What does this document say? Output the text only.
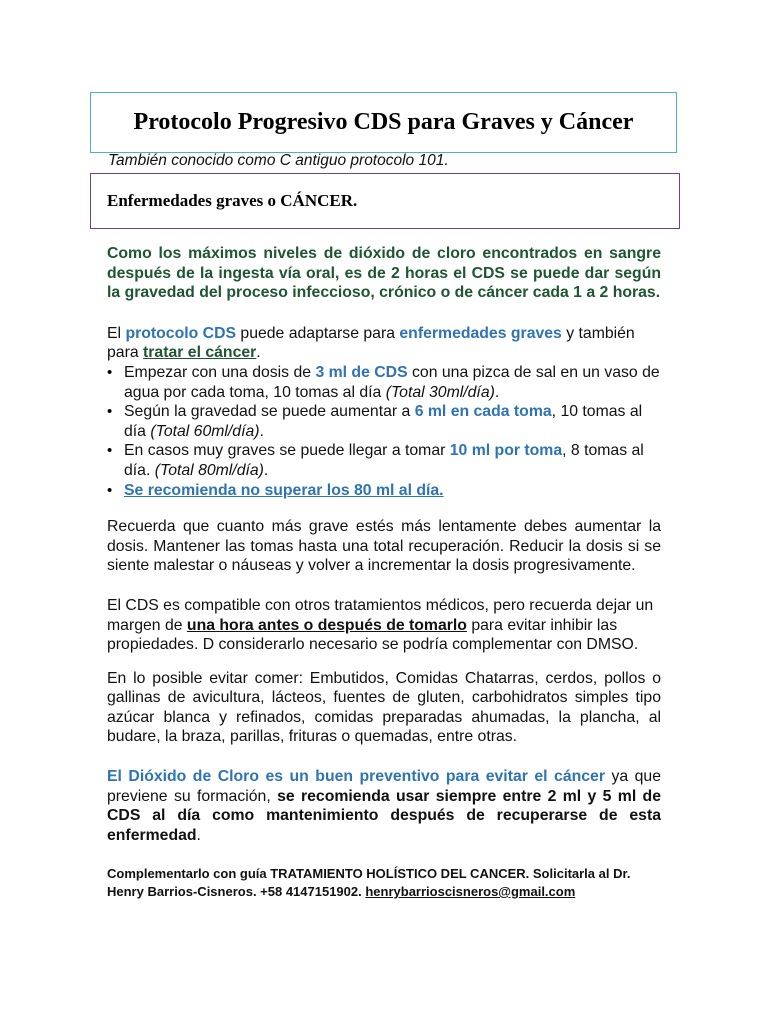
Protocolo Progresivo CDS para Graves y Cáncer

También conocido como C antiguo protocolo 101.

Enfermedades graves o CÁNCER.

Como los máximos niveles de dióxido de cloro encontrados en sangre después de la ingesta vía oral, es de 2 horas el CDS se puede dar según la gravedad del proceso infeccioso, crónico o de cáncer cada 1 a 2 horas.

El protocolo CDS puede adaptarse para enfermedades graves y también para tratar el cáncer.

• Empezar con una dosis de 3 ml de CDS con una pizca de sal en un vaso de agua por cada toma, 10 tomas al día (Total 30ml/día).
• Según la gravedad se puede aumentar a 6 ml en cada toma, 10 tomas al día (Total 60ml/día).
• En casos muy graves se puede llegar a tomar 10 ml por toma, 8 tomas al día. (Total 80ml/día).
• Se recomienda no superar los 80 ml al día.

Recuerda que cuanto más grave estés más lentamente debes aumentar la dosis. Mantener las tomas hasta una total recuperación. Reducir la dosis si se siente malestar o náuseas y volver a incrementar la dosis progresivamente.

El CDS es compatible con otros tratamientos médicos, pero recuerda dejar un margen de una hora antes o después de tomarlo para evitar inhibir las propiedades. D considerarlo necesario se podría complementar con DMSO.

En lo posible evitar comer: Embutidos, Comidas Chatarras, cerdos, pollos o gallinas de avicultura, lácteos, fuentes de gluten, carbohidratos simples tipo azúcar blanca y refinados, comidas preparadas ahumadas, la plancha, al budare, la braza, parillas, frituras o quemadas, entre otras.

El Dióxido de Cloro es un buen preventivo para evitar el cáncer ya que previene su formación, se recomienda usar siempre entre 2 ml y 5 ml de CDS al día como mantenimiento después de recuperarse de esta enfermedad.

Complementarlo con guía TRATAMIENTO HOLÍSTICO DEL CANCER. Solicitarla al Dr. Henry Barrios-Cisneros. +58 4147151902. henrybarrioscisneros@gmail.com
